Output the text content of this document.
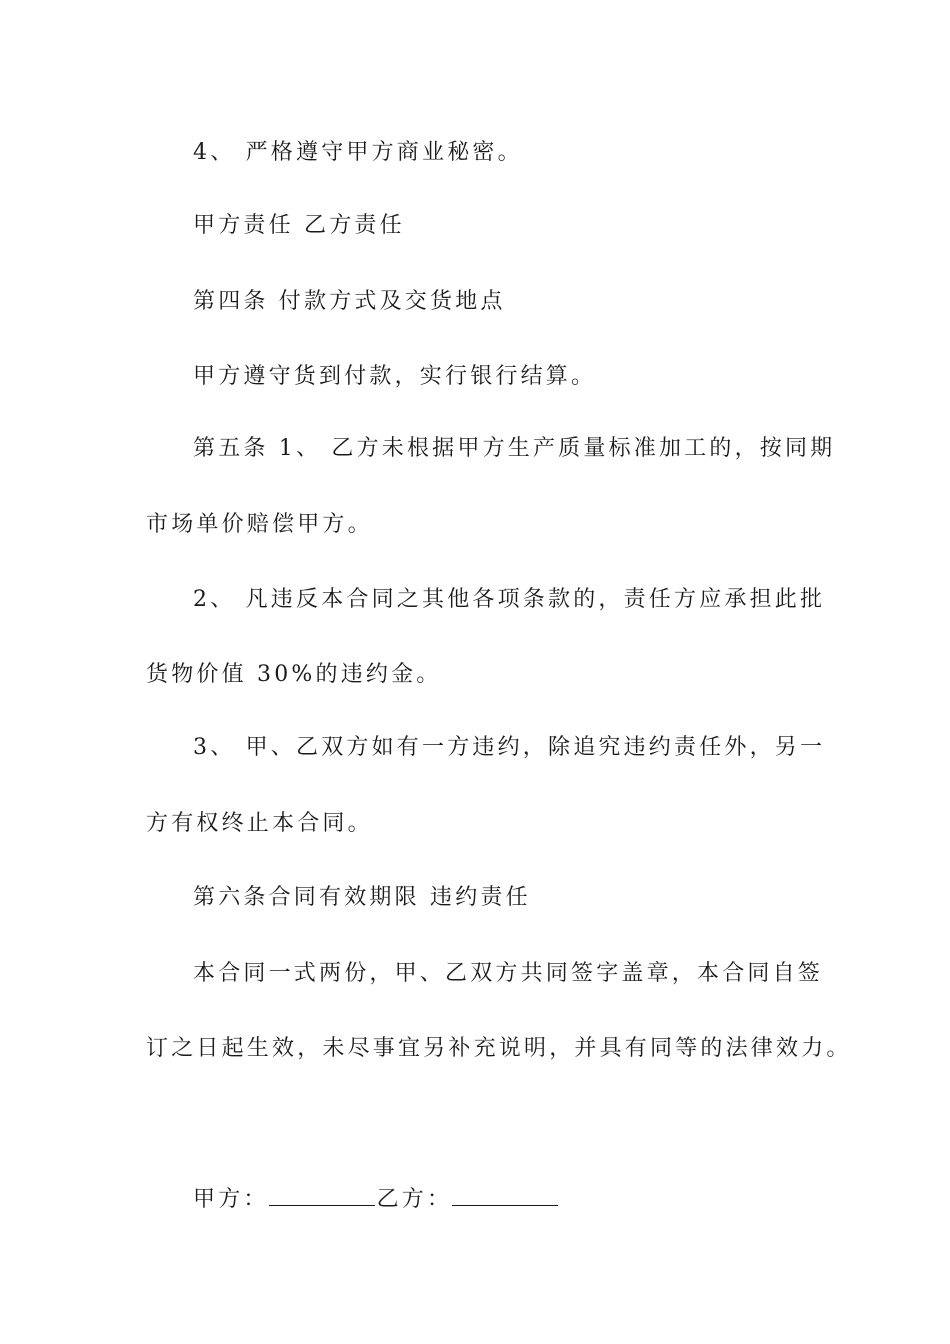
4、 严格遵守甲方商业秘密。
甲方责任 乙方责任
第四条 付款方式及交货地点
甲方遵守货到付款，实行银行结算。
第五条 1、 乙方未根据甲方生产质量标准加工的，按同期
市场单价赔偿甲方。
2、 凡违反本合同之其他各项条款的，责任方应承担此批
货物价值 30%的违约金。
3、 甲、乙双方如有一方违约，除追究违约责任外，另一
方有权终止本合同。
第六条合同有效期限 违约责任
本合同一式两份，甲、乙双方共同签字盖章，本合同自签
订之日起生效，未尽事宜另补充说明，并具有同等的法律效力。
甲方：	乙方：
